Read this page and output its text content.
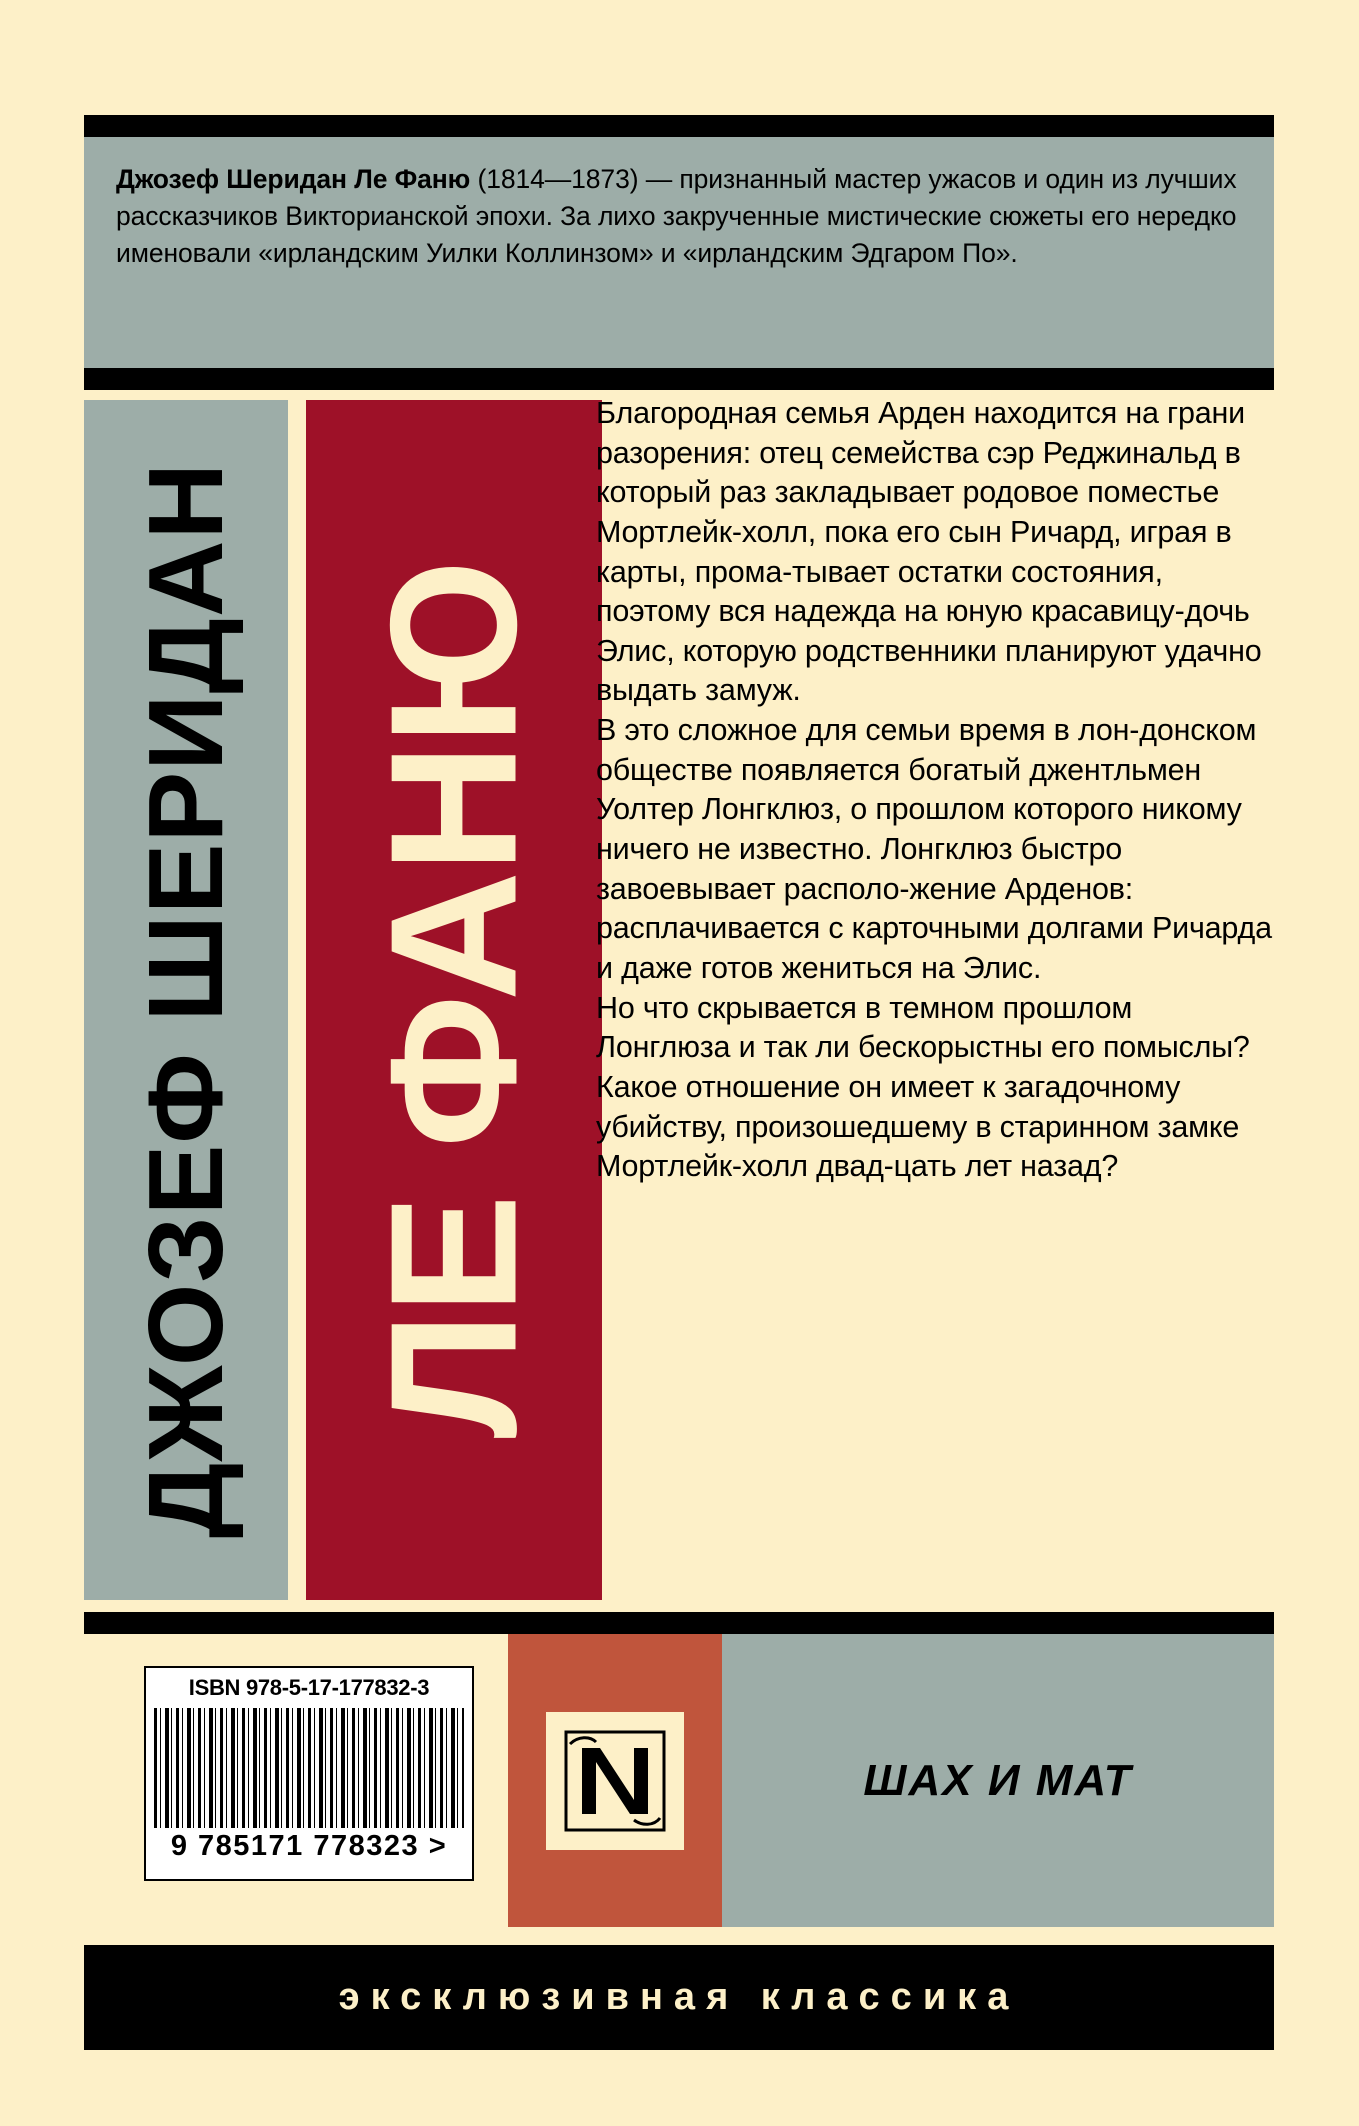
Джозеф Шеридан Ле Фаню (1814—1873) — признанный мастер ужасов и один из лучших рассказчиков Викторианской эпохи. За лихо закрученные мистические сюжеты его нередко именовали «ирландским Уилки Коллинзом» и «ирландским Эдгаром По».
ДЖОЗЕФ ШЕРИДАН ЛЕ ФАНЮ

Благородная семья Арден находится на грани разорения: отец семейства сэр Реджинальд в который раз закладывает родовое поместье Мортлейк-холл, пока его сын Ричард, играя в карты, прома-тывает остатки состояния, поэтому вся надежда на юную красавицу-дочь Элис, которую родственники планируют удачно выдать замуж.

В это сложное для семьи время в лон-донском обществе появляется богатый джентльмен Уолтер Лонгклюз, о прошлом которого никому ничего не известно. Лонгклюз быстро завоевывает располо-жение Арденов: расплачивается с карточными долгами Ричарда и даже готов жениться на Элис.

Но что скрывается в темном прошлом Лонглюза и так ли бескорыстны его помыслы? Какое отношение он имеет к загадочному убийству, произошедшему в старинном замке Мортлейк-холл двад-цать лет назад?

ISBN 978-5-17-177832-3
9 785171 778323 >
ШАХ И МАТ
эксклюзивная классика
